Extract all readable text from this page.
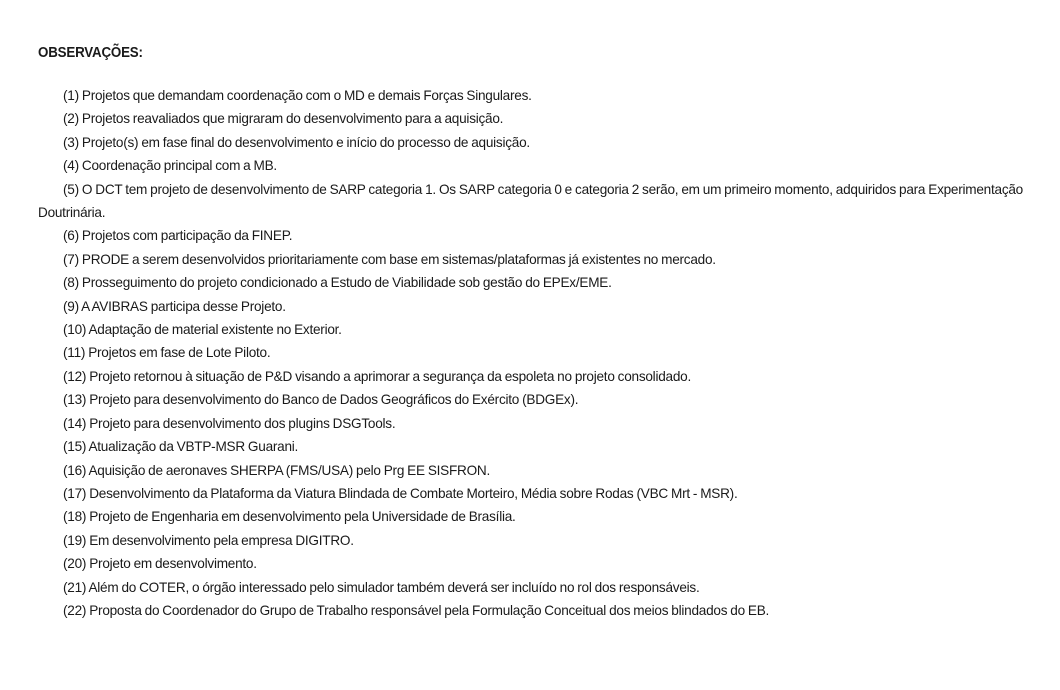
OBSERVAÇÕES:
(1) Projetos que demandam coordenação com o MD e demais Forças Singulares.
(2) Projetos reavaliados que migraram do desenvolvimento para a aquisição.
(3) Projeto(s) em fase final do desenvolvimento e início do processo de aquisição.
(4) Coordenação principal com a MB.
(5) O DCT tem projeto de desenvolvimento de SARP categoria 1. Os SARP categoria 0 e categoria 2 serão, em um primeiro momento, adquiridos para Experimentação Doutrinária.
(6) Projetos com participação da FINEP.
(7) PRODE a serem desenvolvidos prioritariamente com base em sistemas/plataformas já existentes no mercado.
(8) Prosseguimento do projeto condicionado a Estudo de Viabilidade sob gestão do EPEx/EME.
(9) A AVIBRAS participa desse Projeto.
(10) Adaptação de material existente no Exterior.
(11) Projetos em fase de Lote Piloto.
(12) Projeto retornou à situação de P&D visando a aprimorar a segurança da espoleta no projeto consolidado.
(13) Projeto para desenvolvimento do Banco de Dados Geográficos do Exército (BDGEx).
(14) Projeto para desenvolvimento dos plugins DSGTools.
(15) Atualização da VBTP-MSR Guarani.
(16) Aquisição de aeronaves SHERPA (FMS/USA) pelo Prg EE SISFRON.
(17) Desenvolvimento da Plataforma da Viatura Blindada de Combate Morteiro, Média sobre Rodas (VBC Mrt - MSR).
(18) Projeto de Engenharia em desenvolvimento pela Universidade de Brasília.
(19) Em desenvolvimento pela empresa DIGITRO.
(20) Projeto em desenvolvimento.
(21) Além do COTER, o órgão interessado pelo simulador também deverá ser incluído no rol dos responsáveis.
(22) Proposta do Coordenador do Grupo de Trabalho responsável pela Formulação Conceitual dos meios blindados do EB.
